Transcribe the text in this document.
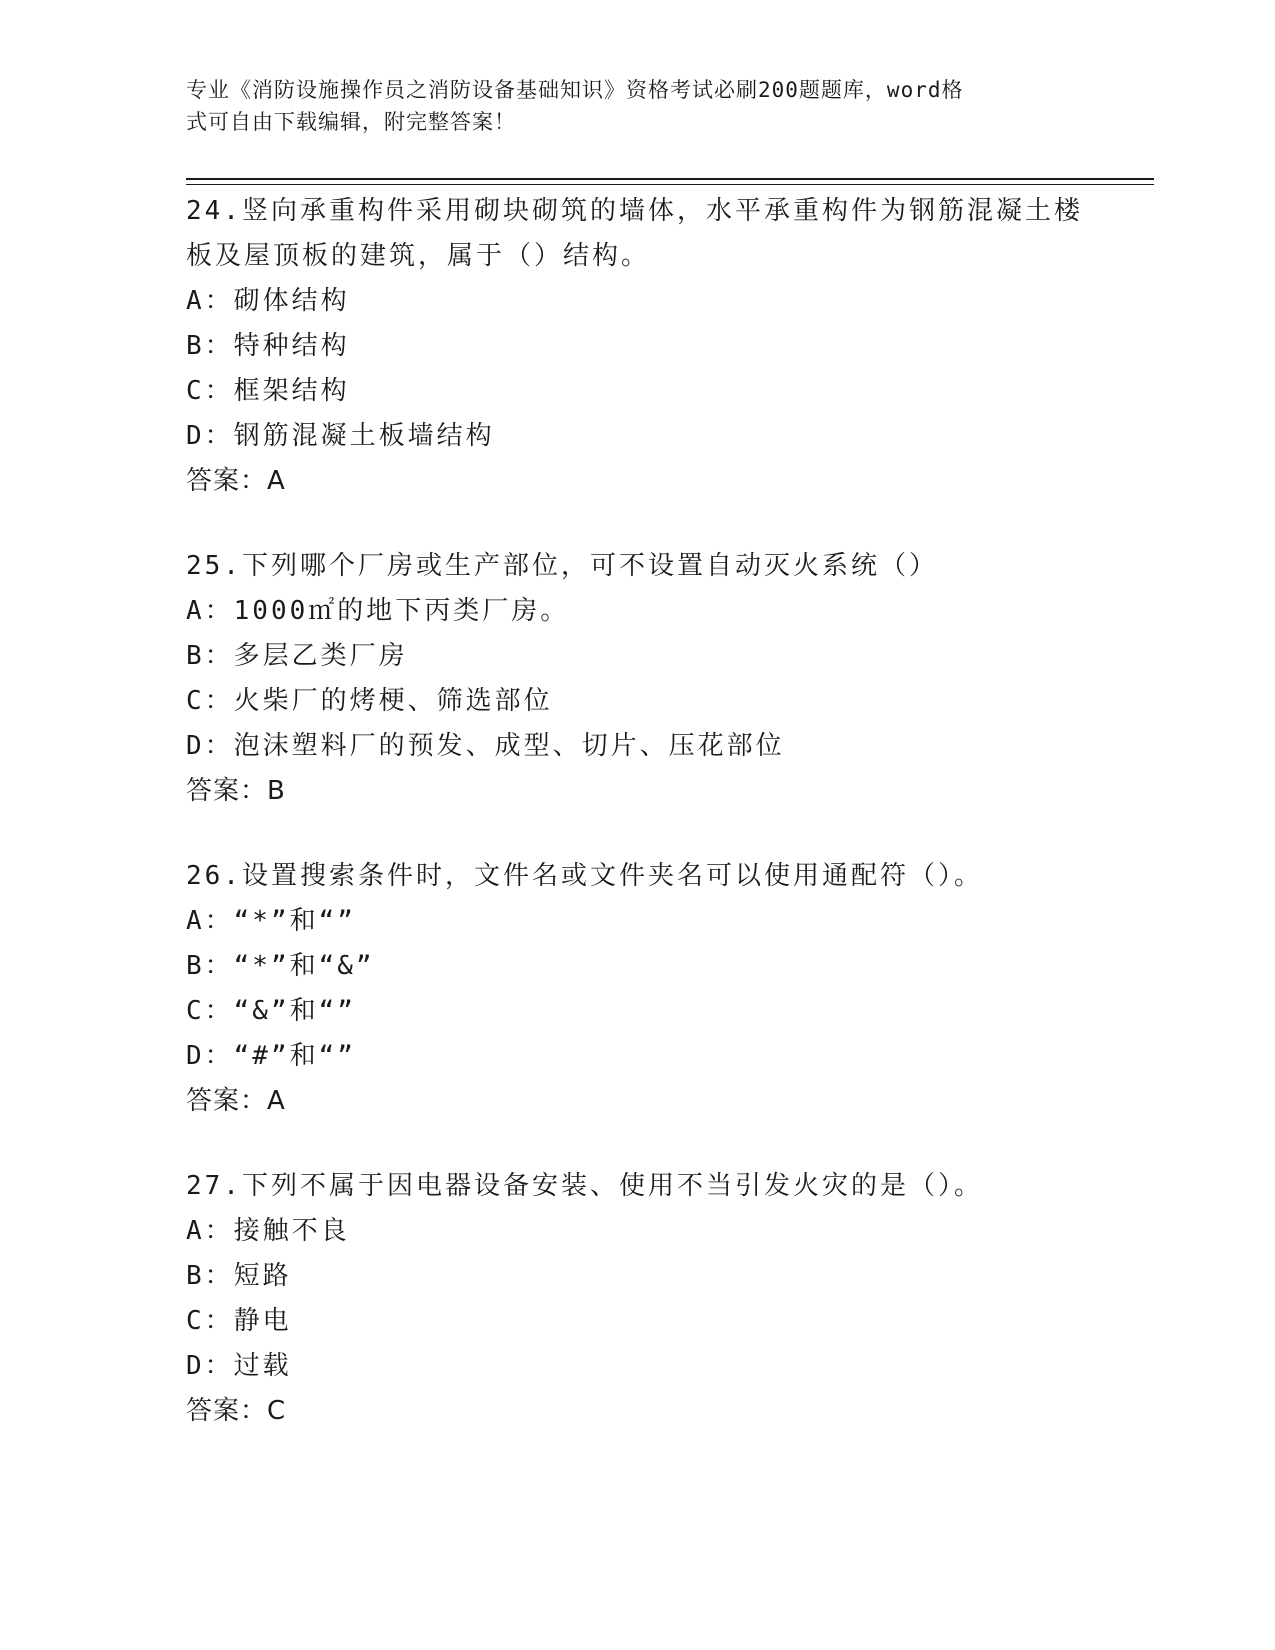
专业《消防设施操作员之消防设备基础知识》资格考试必刷200题题库，word格
式可自由下载编辑，附完整答案！
24.竖向承重构件采用砌块砌筑的墙体，水平承重构件为钢筋混凝土楼
板及屋顶板的建筑，属于（）结构。
A：砌体结构
B：特种结构
C：框架结构
D：钢筋混凝土板墙结构
答案：A
25.下列哪个厂房或生产部位，可不设置自动灭火系统（）
A：1000㎡的地下丙类厂房。
B：多层乙类厂房
C：火柴厂的烤梗、筛选部位
D：泡沫塑料厂的预发、成型、切片、压花部位
答案：B
26.设置搜索条件时，文件名或文件夹名可以使用通配符（）。
A：“*”和“”
B：“*”和“&”
C：“&”和“”
D：“#”和“”
答案：A
27.下列不属于因电器设备安装、使用不当引发火灾的是（）。
A：接触不良
B：短路
C：静电
D：过载
答案：C
